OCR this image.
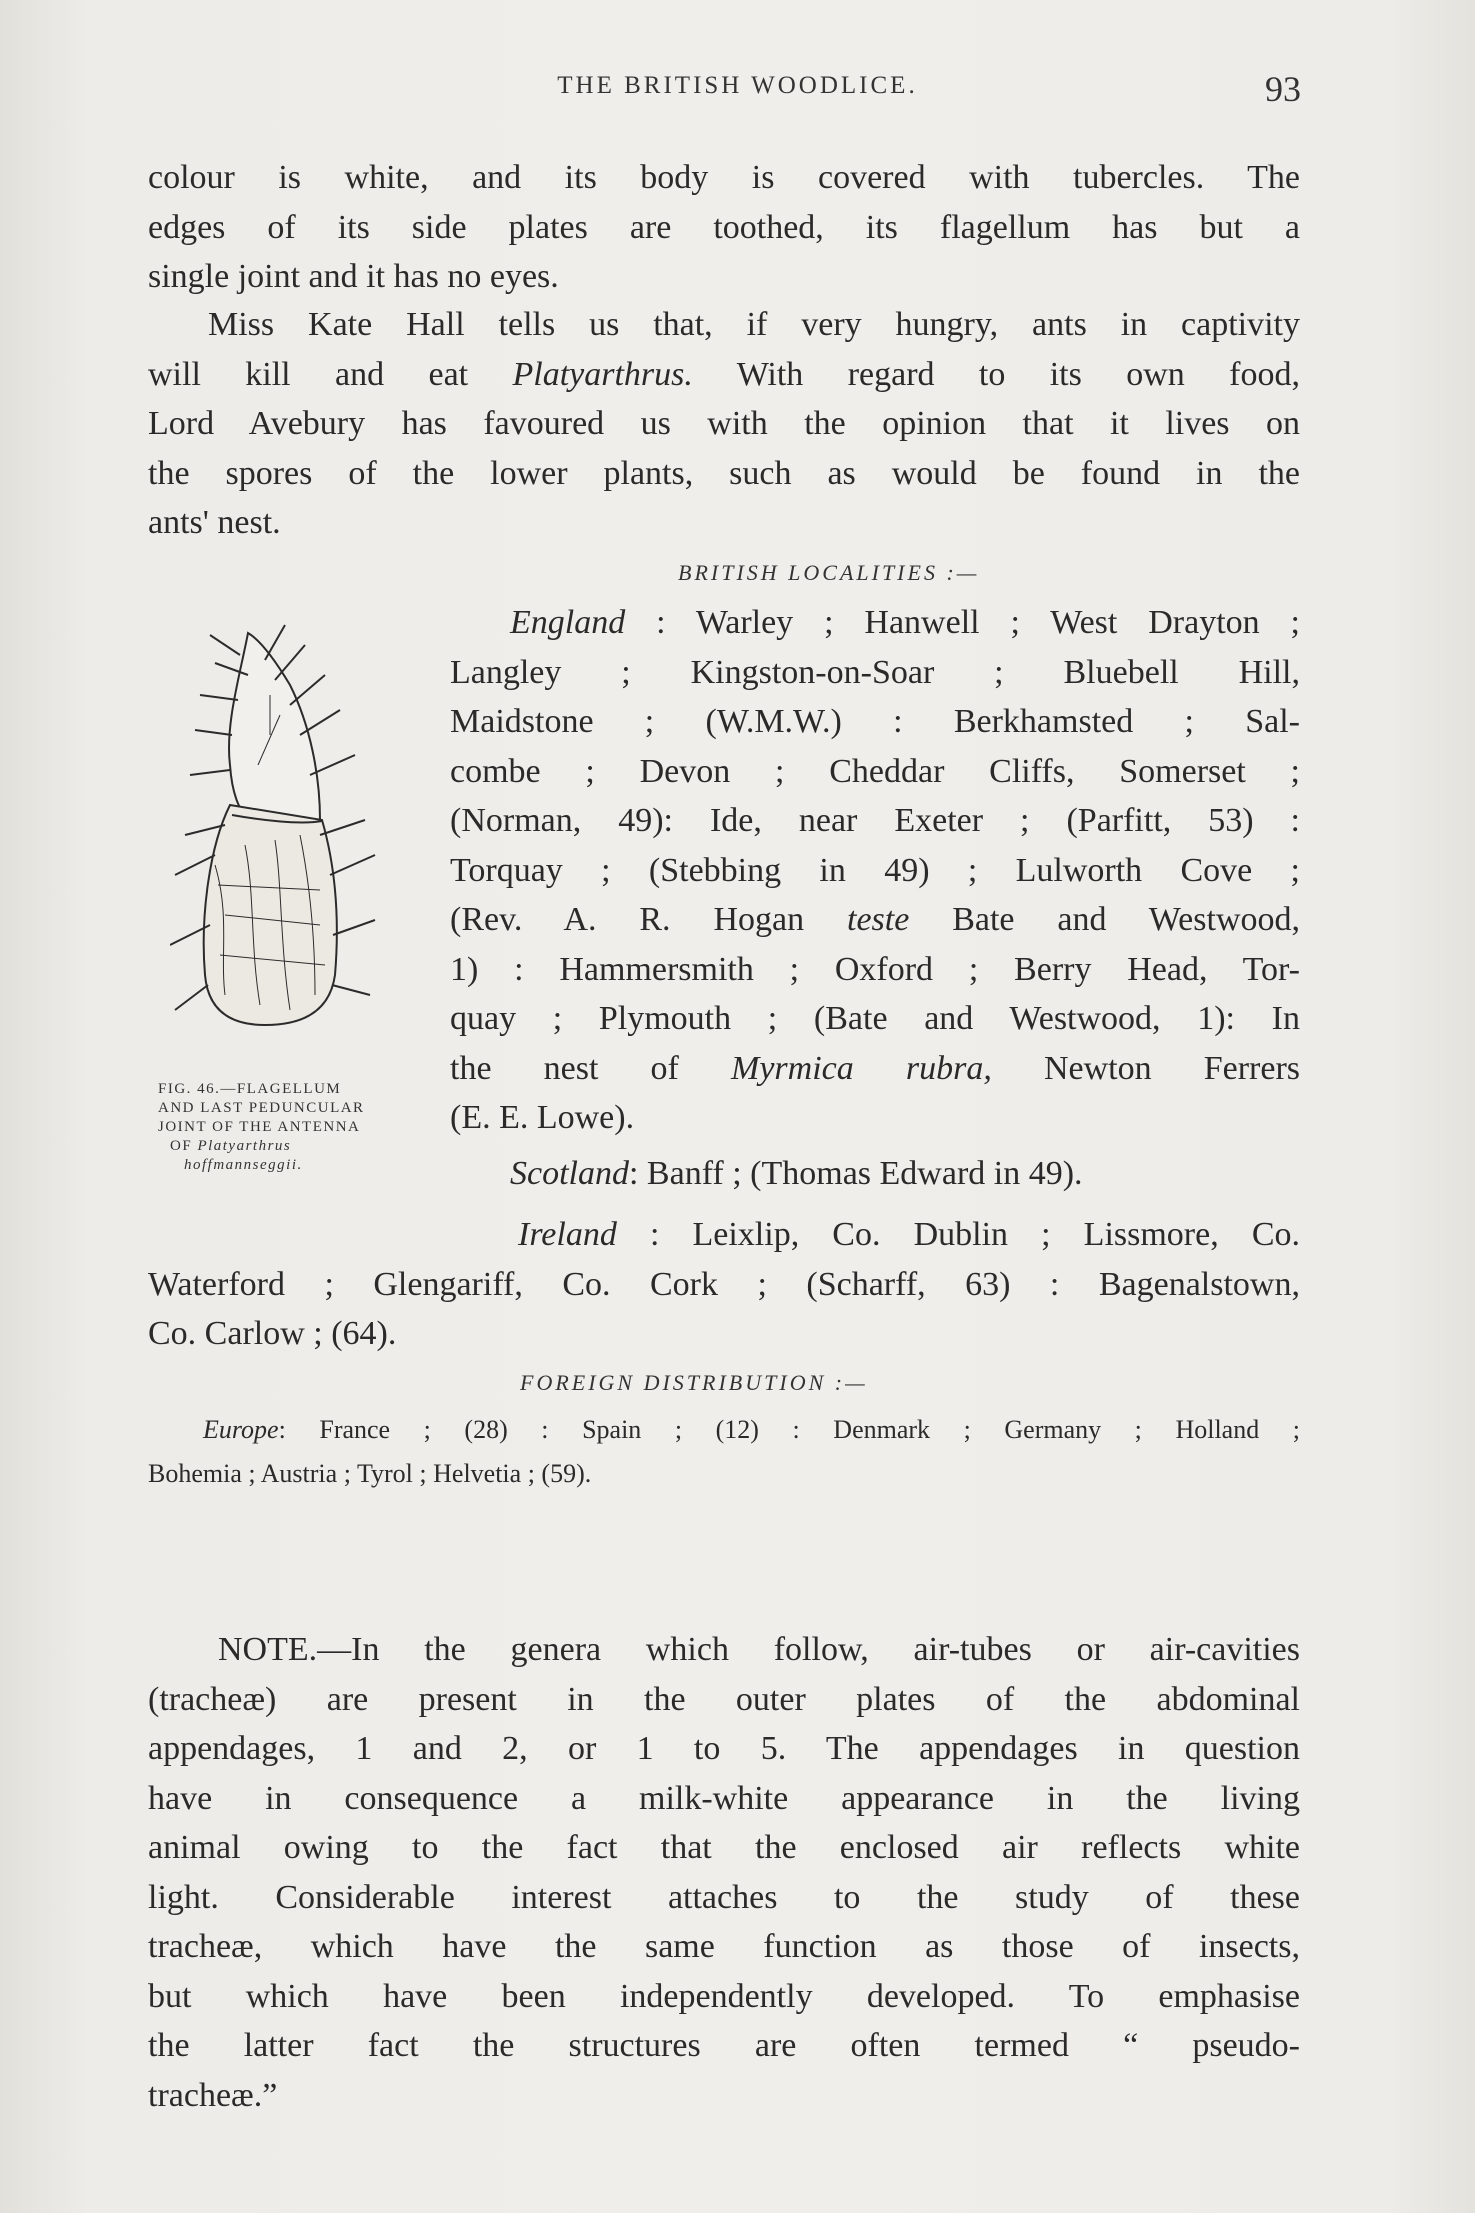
THE BRITISH WOODLICE.	93
colour is white, and its body is covered with tubercles. The
edges of its side plates are toothed, its flagellum has but a
single joint and it has no eyes.
Miss Kate Hall tells us that, if very hungry, ants in captivity
will kill and eat Platyarthrus. With regard to its own food,
Lord Avebury has favoured us with the opinion that it lives on
the spores of the lower plants, such as would be found in the
ants' nest.
BRITISH LOCALITIES :—
England : Warley ; Hanwell ; West Drayton ;
Langley ; Kingston-on-Soar ; Bluebell Hill,
Maidstone ; (W.M.W.) : Berkhamsted ; Sal-
combe ; Devon ; Cheddar Cliffs, Somerset ;
(Norman, 49): Ide, near Exeter ; (Parfitt, 53) :
Torquay ; (Stebbing in 49) ; Lulworth Cove ;
(Rev. A. R. Hogan teste Bate and Westwood,
1) : Hammersmith ; Oxford ; Berry Head, Tor-
quay ; Plymouth ; (Bate and Westwood, 1): In
the nest of Myrmica rubra, Newton Ferrers
(E. E. Lowe).
Scotland: Banff ; (Thomas Edward in 49).
Ireland : Leixlip, Co. Dublin ; Lissmore, Co.
Waterford ; Glengariff, Co. Cork ; (Scharff, 63) : Bagenalstown,
Co. Carlow ; (64).
FOREIGN DISTRIBUTION :—
Europe: France ; (28) : Spain ; (12) : Denmark ; Germany ; Holland ;
Bohemia ; Austria ; Tyrol ; Helvetia ; (59).
FIG. 46.—FLAGELLUM
AND LAST PEDUNCULAR
JOINT OF THE ANTENNA
OF Platyarthrus
hoffmannseggii.
NOTE.—In the genera which follow, air-tubes or air-cavities
(tracheæ) are present in the outer plates of the abdominal
appendages, 1 and 2, or 1 to 5. The appendages in question
have in consequence a milk-white appearance in the living
animal owing to the fact that the enclosed air reflects white
light. Considerable interest attaches to the study of these
tracheæ, which have the same function as those of insects,
but which have been independently developed. To emphasise
the latter fact the structures are often termed “ pseudo-
tracheæ.”
